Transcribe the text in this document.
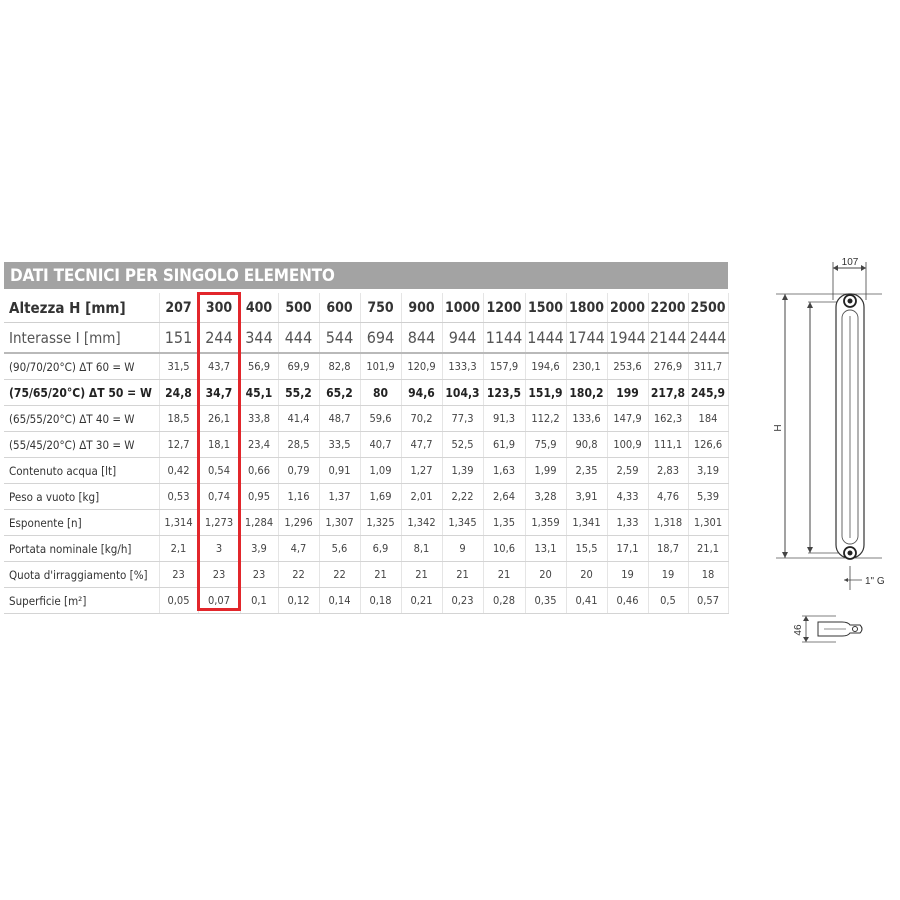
DATI TECNICI PER SINGOLO ELEMENTO
Altezza H [mm]	207	300	400	500	600	750	900	1000	1200	1500	1800	2000	2200	2500
Interasse I [mm]	151	244	344	444	544	694	844	944	1144	1444	1744	1944	2144	2444
(90/70/20°C) ΔT 60 = W	31,5	43,7	56,9	69,9	82,8	101,9	120,9	133,3	157,9	194,6	230,1	253,6	276,9	311,7
(75/65/20°C) ΔT 50 = W	24,8	34,7	45,1	55,2	65,2	80	94,6	104,3	123,5	151,9	180,2	199	217,8	245,9
(65/55/20°C) ΔT 40 = W	18,5	26,1	33,8	41,4	48,7	59,6	70,2	77,3	91,3	112,2	133,6	147,9	162,3	184
(55/45/20°C) ΔT 30 = W	12,7	18,1	23,4	28,5	33,5	40,7	47,7	52,5	61,9	75,9	90,8	100,9	111,1	126,6
Contenuto acqua [lt]	0,42	0,54	0,66	0,79	0,91	1,09	1,27	1,39	1,63	1,99	2,35	2,59	2,83	3,19
Peso a vuoto [kg]	0,53	0,74	0,95	1,16	1,37	1,69	2,01	2,22	2,64	3,28	3,91	4,33	4,76	5,39
Esponente [n]	1,314	1,273	1,284	1,296	1,307	1,325	1,342	1,345	1,35	1,359	1,341	1,33	1,318	1,301
Portata nominale [kg/h]	2,1	3	3,9	4,7	5,6	6,9	8,1	9	10,6	13,1	15,5	17,1	18,7	21,1
Quota d'irraggiamento [%]	23	23	23	22	22	21	21	21	21	20	20	19	19	18
Superficie [m²]	0,05	0,07	0,1	0,12	0,14	0,18	0,21	0,23	0,28	0,35	0,41	0,46	0,5	0,57
107
H
1" G
46
